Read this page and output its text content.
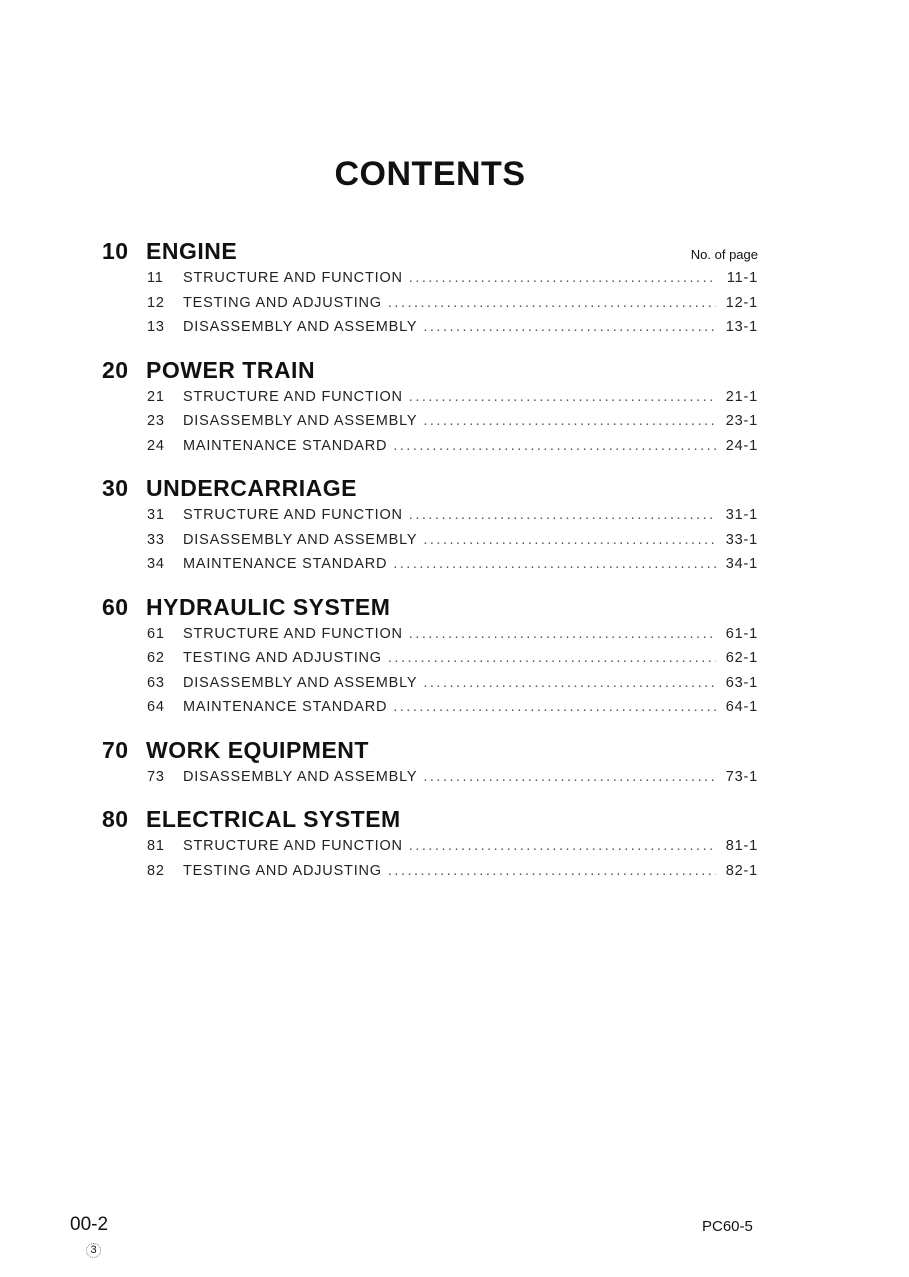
CONTENTS
10 ENGINE	No. of page
11	STRUCTURE AND FUNCTION .....	11-1
12	TESTING AND ADJUSTING .....	12-1
13	DISASSEMBLY AND ASSEMBLY .....	13-1
20 POWER TRAIN
21	STRUCTURE AND FUNCTION .....	21-1
23	DISASSEMBLY AND ASSEMBLY .....	23-1
24	MAINTENANCE STANDARD .....	24-1
30 UNDERCARRIAGE
31	STRUCTURE AND FUNCTION .....	31-1
33	DISASSEMBLY AND ASSEMBLY .....	33-1
34	MAINTENANCE STANDARD .....	34-1
60 HYDRAULIC SYSTEM
61	STRUCTURE AND FUNCTION .....	61-1
62	TESTING AND ADJUSTING .....	62-1
63	DISASSEMBLY AND ASSEMBLY .....	63-1
64	MAINTENANCE STANDARD .....	64-1
70 WORK EQUIPMENT
73	DISASSEMBLY AND ASSEMBLY .....	73-1
80 ELECTRICAL SYSTEM
81	STRUCTURE AND FUNCTION .....	81-1
82	TESTING AND ADJUSTING .....	82-1
00-2
3
PC60-5
